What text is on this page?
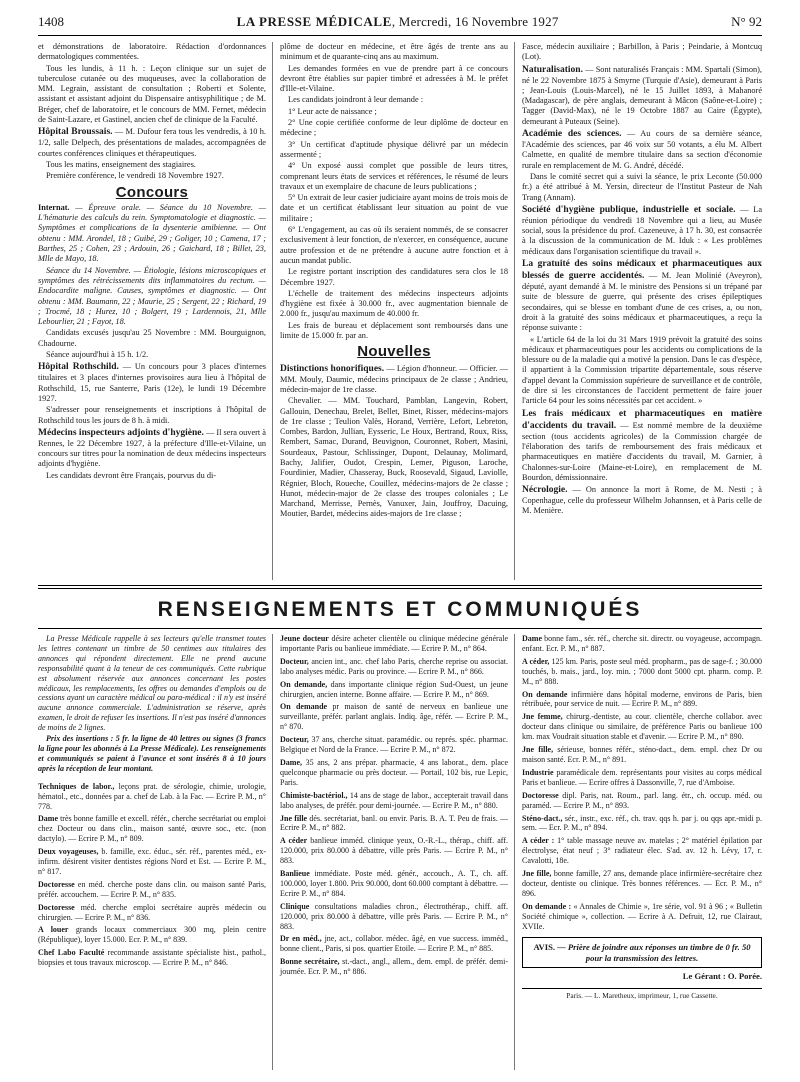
1408	LA PRESSE MÉDICALE, Mercredi, 16 Novembre 1927	N° 92

et démonstrations de laboratoire. Rédaction d'ordonnances dermatologiques commentées.

Tous les lundis, à 11 h. : Leçon clinique sur un sujet de tuberculose cutanée ou des muqueuses, avec la collaboration de MM. Legrain, assistant de consultation ; Roberti et Solente, assistant et assistant adjoint du Dispensaire antisyphilitique ; de M. Bréger, chef de laboratoire, et le concours de MM. Fernet, médecin de Saint-Lazare, et Gastinel, ancien chef de clinique de la Faculté.

Hôpital Broussais. — M. Dufour fera tous les vendredis, à 10 h. 1/2, salle Delpech, des présentations de malades, accompagnées de courtes conférences cliniques et thérapeutiques.

Tous les matins, enseignement des stagiaires.

Première conférence, le vendredi 18 Novembre 1927.

Concours

Internat. — Épreuve orale. — Séance du 10 Novembre. — L'hématurie des calculs du rein. Symptomatologie et diagnostic. — Symptômes et complications de la dysenterie amibienne. — Ont obtenu : MM. Arondel, 18 ; Guibé, 29 ; Goliger, 10 ; Camena, 17 ; Barthes, 25 ; Cohen, 23 ; Ardouin, 26 ; Gaichard, 18 ; Billet, 23, Mlle de Mayo, 18.

Séance du 14 Novembre. — Étiologie, lésions microscopiques et symptômes des rétrécissements dits inflammatoires du rectum. — Endocardite maligne. Causes, symptômes et diagnostic. — Ont obtenu : MM. Baumann, 22 ; Maurie, 25 ; Sergent, 22 ; Richard, 19 ; Trocmé, 18 ; Hurez, 10 ; Bolgert, 19 ; Lardennois, 21, Mlle Lebourlier, 21 ; Fayot, 18.

Candidats excusés jusqu'au 25 Novembre : MM. Bourguignon, Chadourne.

Séance aujourd'hui à 15 h. 1/2.

Hôpital Rothschild. — Un concours pour 3 places d'internes titulaires et 3 places d'internes provisoires aura lieu à l'hôpital de Rothschild, 15, rue Santerre, Paris (12e), le lundi 19 Décembre 1927.

S'adresser pour renseignements et inscriptions à l'hôpital de Rothschild tous les jours de 8 h. à midi.

Médecins inspecteurs adjoints d'hygiène. — Il sera ouvert à Rennes, le 22 Décembre 1927, à la préfecture d'Ille-et-Vilaine, un concours sur titres pour la nomination de deux médecins inspecteurs adjoints d'hygiène.

Les candidats devront être Français, pourvus du di-

plôme de docteur en médecine, et être âgés de trente ans au minimum et de quarante-cinq ans au maximum.

Les demandes formées en vue de prendre part à ce concours devront être établies sur papier timbré et adressées à M. le préfet d'Ille-et-Vilaine.

Les candidats joindront à leur demande :

1° Leur acte de naissance ;

2° Une copie certifiée conforme de leur diplôme de docteur en médecine ;

3° Un certificat d'aptitude physique délivré par un médecin assermenté ;

4° Un exposé aussi complet que possible de leurs titres, comprenant leurs états de services et références, le résumé de leurs travaux et un exemplaire de chacune de leurs publications ;

5° Un extrait de leur casier judiciaire ayant moins de trois mois de date et un certificat établissant leur situation au point de vue militaire ;

6° L'engagement, au cas où ils seraient nommés, de se consacrer exclusivement à leur fonction, de n'exercer, en conséquence, aucune autre profession et de ne prétendre à aucune autre fonction et à aucun mandat public.

Le registre portant inscription des candidatures sera clos le 18 Décembre 1927.

L'échelle de traitement des médecins inspecteurs adjoints d'hygiène est fixée à 30.000 fr., avec augmentation biennale de 2.000 fr., jusqu'au maximum de 40.000 fr.

Les frais de bureau et déplacement sont remboursés dans une limite de 15.000 fr. par an.

Nouvelles

Distinctions honorifiques. — Légion d'honneur. — Officier. — MM. Mouly, Daumic, médecins principaux de 2e classe ; Andrieu, médecin-major de 1re classe.

Chevalier. — MM. Touchard, Pamblan, Langevin, Robert, Gallouin, Denechau, Brelet, Bellet, Binet, Risser, médecins-majors de 1re classe ; Teulion Valès, Horand, Verrière, Lefort, Lebreton, Combes, Bardon, Jullian, Eysseric, Le Houx, Bertrand, Roux, Riss, Rembert, Samac, Durand, Beuvignon, Couronnet, Robert, Masini, Sourdeaux, Pastour, Schlissinger, Dupont, Delaunay, Molimard, Bachy, Jalifier, Oudot, Crespin, Lemer, Piguson, Laroche, Fourdinier, Madier, Chasseray, Buck, Roosevald, Sigaud, Laviolle, Régnier, Bloch, Roueche, Couillez, médecins-majors de 2e classe ; Hunot, médecin-major de 2e classe des troupes coloniales ; Le Marchand, Merrisse, Pernès, Vanuxer, Jain, Jouffroy, Dacuing, Moutier, Bardet, médecins aides-majors de 1re classe ;

Fasce, médecin auxiliaire ; Barbillon, à Paris ; Peindarie, à Montcuq (Lot).

Naturalisation. — Sont naturalisés Français : MM. Spartali (Simon), né le 22 Novembre 1875 à Smyrne (Turquie d'Asie), demeurant à Paris ; Jean-Louis (Louis-Marcel), né le 15 Juillet 1893, à Mahanoré (Madagascar), de père anglais, demeurant à Mâcon (Saône-et-Loire) ; Tagger (David-Max), né le 19 Octobre 1887 au Caire (Égypte), demeurant à Puteaux (Seine).

Académie des sciences. — Au cours de sa dernière séance, l'Académie des sciences, par 46 voix sur 50 votants, a élu M. Albert Calmette, en qualité de membre titulaire dans sa section d'économie rurale en remplacement de M. G. André, décédé.

Dans le comité secret qui a suivi la séance, le prix Leconte (50.000 fr.) a été attribué à M. Yersin, directeur de l'Institut Pasteur de Nah Trang (Annam).

Société d'hygiène publique, industrielle et sociale. — La réunion périodique du vendredi 18 Novembre qui a lieu, au Musée social, sous la présidence du prof. Cazeneuve, à 17 h. 30, est consacrée à la discussion de la communication de M. Iduk : « Les problèmes médicaux dans l'organisation scientifique du travail ».

La gratuité des soins médicaux et pharmaceutiques aux blessés de guerre accidentés. — M. Jean Molinié (Aveyron), député, ayant demandé à M. le ministre des Pensions si un trépané par suite de blessure de guerre, qui présente des crises épileptiques secondaires, qui se blesse en tombant d'une de ces crises, a, ou non, droit à la gratuité des soins médicaux et pharmaceutiques, a reçu la réponse suivante :

« L'article 64 de la loi du 31 Mars 1919 prévoit la gratuité des soins médicaux et pharmaceutiques pour les accidents ou complications de la blessure ou de la maladie qui a motivé la pension. Dans le cas d'espèce, il appartient à la Commission tripartite départementale, sous réserve d'appel devant la Commission supérieure de surveillance et de contrôle, de dire si les circonstances de l'accident permettent de faire jouer l'article 64 pour les soins nécessités par cet accident. »

Les frais médicaux et pharmaceutiques en matière d'accidents du travail. — Est nommé membre de la deuxième section (tous accidents agricoles) de la Commission chargée de l'élaboration des tarifs de remboursement des frais médicaux et pharmaceutiques en matière d'accidents du travail, M. Garnier, à Chalonnes-sur-Loire (Maine-et-Loire), en remplacement de M. Bourdon, démissionnaire.

Nécrologie. — On annonce la mort à Rome, de M. Nesti ; à Copenhague, celle du professeur Wilhelm Johannsen, et à Paris celle de M. Menière.

RENSEIGNEMENTS ET COMMUNIQUÉS

La Presse Médicale rappelle à ses lecteurs qu'elle transmet toutes les lettres contenant un timbre de 50 centimes aux titulaires des annonces qui répondent directement. Elle ne prend aucune responsabilité quant à la teneur de ces communiqués. Cette rubrique est absolument réservée aux annonces concernant les postes médicaux, les remplacements, les offres ou demandes d'emplois ou de cessions ayant un caractère médical ou para-médical : il n'y est inséré aucune annonce commerciale. L'administration se réserve, après examen, le droit de refuser les insertions. Il n'est pas inséré d'annonces de moins de 2 lignes.

Prix des insertions : 5 fr. la ligne de 40 lettres ou signes (3 francs la ligne pour les abonnés à La Presse Médicale). Les renseignements et communiqués se paient à l'avance et sont insérés 8 à 10 jours après la réception de leur montant.

Techniques de labor., leçons prat. de sérologie, chimie, urologie, hématol., etc., données par a. chef de Lab. à la Fac. — Ecrire P. M., n° 778.

Dame très bonne famille et excell. référ., cherche secrétariat ou emploi chez Docteur ou dans clin., maison santé, œuvre soc., etc. (non dactylo). — Ecrire P. M., n° 809.

Deux voyageuses, b. famille, exc. éduc., sér. réf., parentes méd., ex-infirm. désirent visiter dentistes régions Nord et Est. — Ecrire P. M., n° 817.

Doctoresse en méd. cherche poste dans clin. ou maison santé Paris, préfér. accouchem. — Ecrire P. M., n° 835.

Doctoresse méd. cherche emploi secrétaire auprès médecin ou chirurgien. — Ecrire P. M., n° 836.

A louer grands locaux commerciaux 300 mq, plein centre (République), loyer 15.000. Ecr. P. M., n° 839.

Chef Labo Faculté recommande assistante spécialiste hist., pathol., biopsies et tous travaux microscop. — Ecrire P. M., n° 846.

Jeune docteur désire acheter clientèle ou clinique médecine générale importante Paris ou banlieue immédiate. — Ecrire P. M., n° 864.

Docteur, ancien int., anc. chef labo Paris, cherche reprise ou associat. labo analyses médic. Paris ou province. — Ecrire P. M., n° 866.

On demande, dans importante clinique région Sud-Ouest, un jeune chirurgien, ancien interne. Bonne affaire. — Ecrire P. M., n° 869.

On demande pr maison de santé de nerveux en banlieue une surveillante, préfér. parlant anglais. Indiq. âge, référ. — Ecrire P. M., n° 870.

Docteur, 37 ans, cherche situat. paramédic. ou représ. spéc. pharmac. Belgique et Nord de la France. — Ecrire P. M., n° 872.

Dame, 35 ans, 2 ans prépar. pharmacie, 4 ans laborat., dem. place quelconque pharmacie ou près docteur. — Portail, 102 bis, rue Lepic, Paris.

Chimiste-bactériol., 14 ans de stage de labor., accepterait travail dans labo analyses, de préfér. pour demi-journée. — Ecrire P. M., n° 880.

Jne fille dés. secrétariat, banl. ou envir. Paris. B. A. T. Peu de frais. — Ecrire P. M., n° 882.

A céder banlieue imméd. clinique yeux, O.-R.-L., thérap., chiff. aff. 120.000, prix 80.000 à débattre, ville près Paris. — Ecrire P. M., n° 883.

Banlieue immédiate. Poste méd. génér., accouch., A. T., ch. aff. 100.000, loyer 1.800. Prix 90.000, dont 60.000 comptant à débattre. — Ecrire P. M., n° 884.

Clinique consultations maladies chron., électrothérap., chiff. aff. 120.000, prix 80.000 à débattre, ville près Paris. — Ecrire P. M., n° 883.

Dr en méd., jne, act., collabor. médec. âgé, en vue success. imméd., bonne client., Paris, si pos. quartier Etoile. — Ecrire P. M., n° 885.

Bonne secrétaire, st.-dact., angl., allem., dem. empl. de préfér. demi-journée. Ecr. P. M., n° 886.

Dame bonne fam., sér. réf., cherche sit. directr. ou voyageuse, accompagn. enfant. Ecr. P. M., n° 887.

A céder, 125 km. Paris, poste seul méd. propharm., pas de sage-f. ; 30.000 touchés, b. mais., jard., loy. min. ; 7000 dont 5000 cpt. pharm. comp. P. M., n° 888.

On demande infirmière dans hôpital moderne, environs de Paris, bien rétribuée, pour service de nuit. — Ecrire P. M., n° 889.

Jne femme, chirurg.-dentiste, au cour. clientèle, cherche collabor. avec docteur dans clinique ou similaire, de préférence Paris ou banlieue 100 km. max Voudrait situation stable et d'avenir. — Ecrire P. M., n° 890.

Jne fille, sérieuse, bonnes référ., sténo-dact., dem. empl. chez Dr ou maison santé. Ecr. P. M., n° 891.

Industrie paramédicale dem. représentants pour visites au corps médical Paris et banlieue. — Ecrire offres à Dassonville, 7, rue d'Amboise.

Doctoresse dipl. Paris, nat. Roum., parl. lang. étr., ch. occup. méd. ou paraméd. — Ecrire P. M., n° 893.

Sténo-dact., sér., instr., exc. réf., ch. trav. qqs h. par j. ou qqs apr.-midi p. sem. — Ecr. P. M., n° 894.

A céder : 1° table massage neuve av. matelas ; 2° matériel épilation par électrolyse, état neuf ; 3° radiateur élec. S'ad. av. 12 h. Lévy, 17, r. Cavalotti, 18e.

Jne fille, bonne famille, 27 ans, demande place infirmière-secrétaire chez docteur, dentiste ou clinique. Très bonnes références. — Ecr. P. M., n° 896.

On demande : « Annales de Chimie », 1re série, vol. 91 à 96 ; « Bulletin Société chimique », collection. — Ecrire à A. Defruit, 12, rue Clairaut, XVIIe.

AVIS. — Prière de joindre aux réponses un timbre de 0 fr. 50 pour la transmission des lettres.
Le Gérant : O. Porée.
Paris. — L. Maretheux, imprimeur, 1, rue Cassette.
